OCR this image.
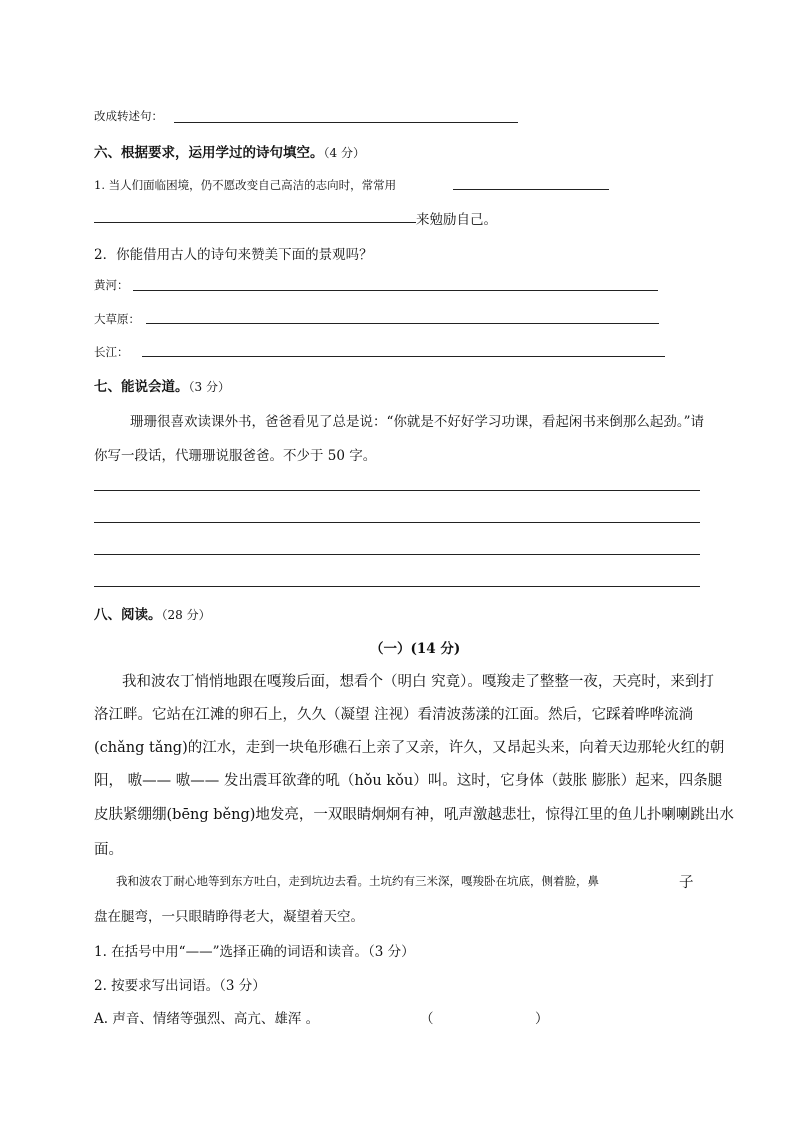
改成转述句：
六、根据要求，运用学过的诗句填空。（4 分）
1. 当人们面临困境，仍不愿改变自己高洁的志向时，常常用
来勉励自己。
2．你能借用古人的诗句来赞美下面的景观吗？
黄河：
大草原：
长江：
七、能说会道。（3 分）
珊珊很喜欢读课外书，爸爸看见了总是说：“你就是不好好学习功课，看起闲书来倒那么起劲。”请
你写一段话，代珊珊说服爸爸。不少于 50 字。
八、阅读。（28 分）
（一）(14 分)
我和波农丁悄悄地跟在嘎羧后面，想看个（明白 究竟）。嘎羧走了整整一夜，天亮时，来到打
洛江畔。它站在江滩的卵石上，久久（凝望 注视）看清波荡漾的江面。然后，它踩着哗哗流淌
(chǎng tǎng)的江水，走到一块龟形礁石上亲了又亲，许久，又昂起头来，向着天边那轮火红的朝
阳， 嗷—— 嗷—— 发出震耳欲聋的吼（hǒu kǒu）叫。这时，它身体（鼓胀 膨胀）起来，四条腿
皮肤紧绷绷(bēng běng)地发亮，一双眼睛炯炯有神，吼声激越悲壮，惊得江里的鱼儿扑喇喇跳出水
面。
我和波农丁耐心地等到东方吐白，走到坑边去看。土坑约有三米深，嘎羧卧在坑底，侧着脸，鼻	子
盘在腿弯，一只眼睛睁得老大，凝望着天空。
1. 在括号中用“——”选择正确的词语和读音。（3 分）
2. 按要求写出词语。（3 分）
A. 声音、情绪等强烈、高亢、雄浑 。	（	）
